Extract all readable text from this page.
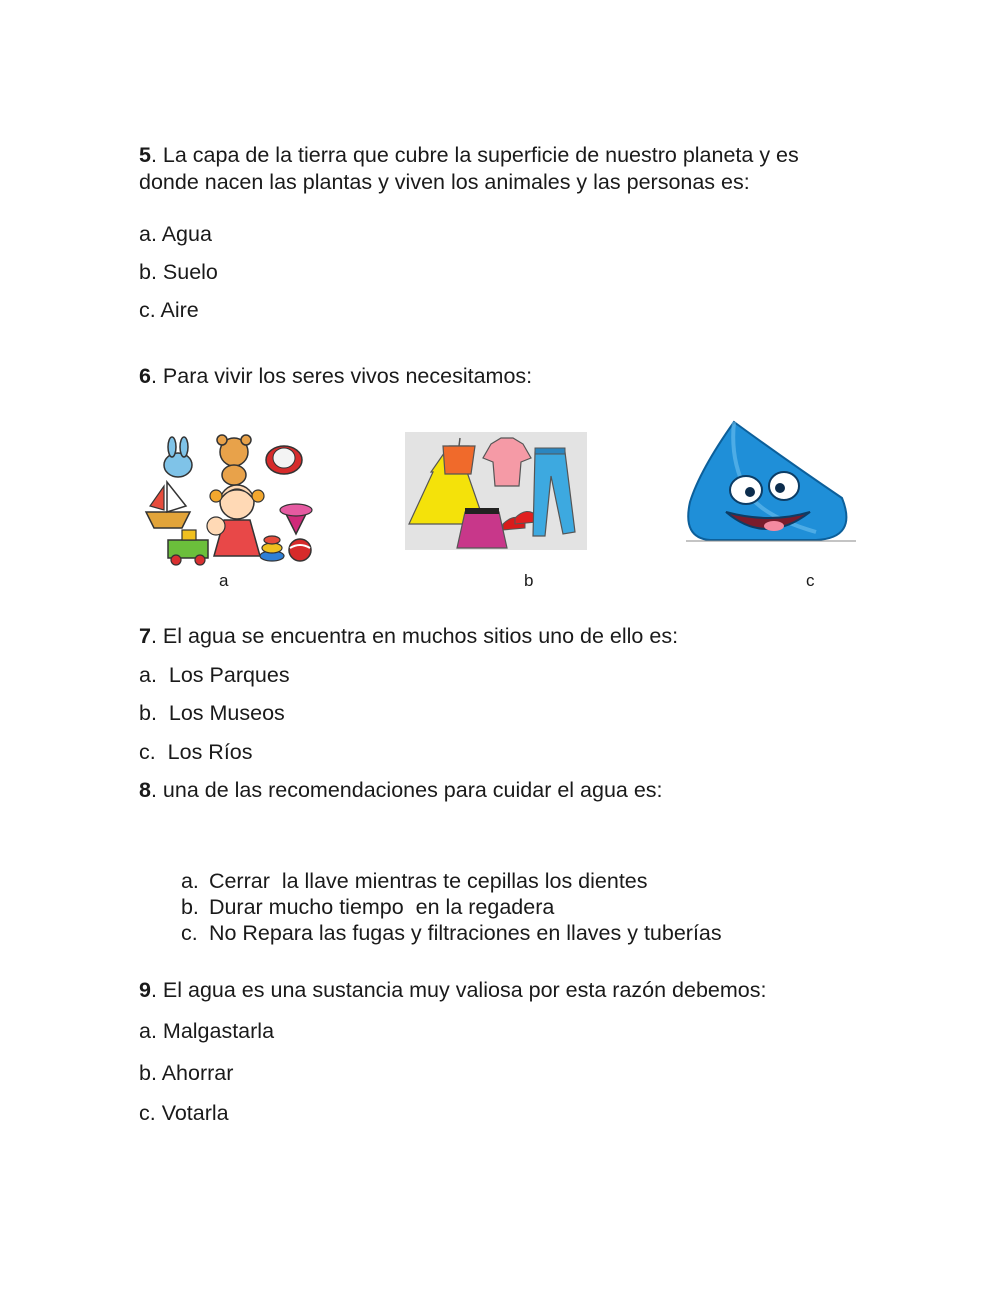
5. La capa de la tierra que cubre la superficie de nuestro planeta y es
donde nacen las plantas y viven los animales y las personas es:
a. Agua
b. Suelo
c. Aire
6. Para vivir los seres vivos necesitamos:
a	b	c
7. El agua se encuentra en muchos sitios uno de ello es:
a.  Los Parques
b.  Los Museos
c.  Los Ríos
8. una de las recomendaciones para cuidar el agua es:

a. Cerrar  la llave mientras te cepillas los dientes

b. Durar mucho tiempo  en la regadera

c. No Repara las fugas y filtraciones en llaves y tuberías

9. El agua es una sustancia muy valiosa por esta razón debemos:
a. Malgastarla
b. Ahorrar
c. Votarla
